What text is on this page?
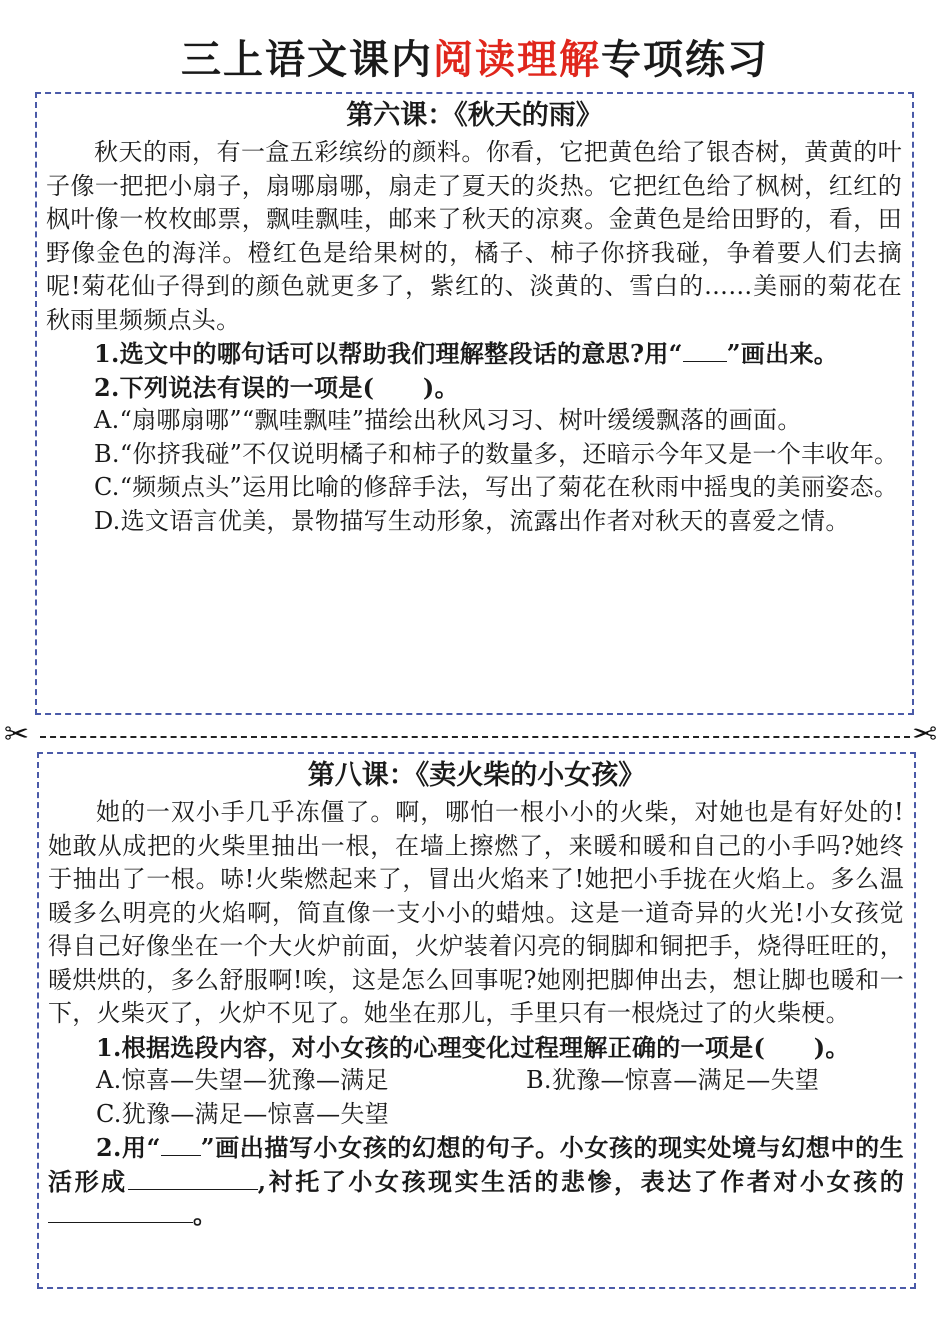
三上语文课内阅读理解专项练习
第六课：《秋天的雨》

秋天的雨，有一盒五彩缤纷的颜料。你看，它把黄色给了银杏树，黄黄的叶子像一把把小扇子，扇哪扇哪，扇走了夏天的炎热。它把红色给了枫树，红红的枫叶像一枚枚邮票，飘哇飘哇，邮来了秋天的凉爽。金黄色是给田野的，看，田野像金色的海洋。橙红色是给果树的，橘子、柿子你挤我碰，争着要人们去摘呢!菊花仙子得到的颜色就更多了，紫红的、淡黄的、雪白的……美丽的菊花在秋雨里频频点头。

1.选文中的哪句话可以帮助我们理解整段话的意思?用“ ”画出来。

2.下列说法有误的一项是(　　)。

A.“扇哪扇哪”“飘哇飘哇”描绘出秋风习习、树叶缓缓飘落的画面。

B.“你挤我碰”不仅说明橘子和柿子的数量多，还暗示今年又是一个丰收年。

C.“频频点头”运用比喻的修辞手法，写出了菊花在秋雨中摇曳的美丽姿态。

D.选文语言优美，景物描写生动形象，流露出作者对秋天的喜爱之情。

✂	✂
第八课：《卖火柴的小女孩》

她的一双小手几乎冻僵了。啊，哪怕一根小小的火柴，对她也是有好处的!她敢从成把的火柴里抽出一根，在墙上擦燃了，来暖和暖和自己的小手吗?她终于抽出了一根。哧!火柴燃起来了，冒出火焰来了!她把小手拢在火焰上。多么温暖多么明亮的火焰啊，简直像一支小小的蜡烛。这是一道奇异的火光!小女孩觉得自己好像坐在一个大火炉前面，火炉装着闪亮的铜脚和铜把手，烧得旺旺的，暖烘烘的，多么舒服啊!唉，这是怎么回事呢?她刚把脚伸出去，想让脚也暖和一下，火柴灭了，火炉不见了。她坐在那儿，手里只有一根烧过了的火柴梗。

1.根据选段内容，对小女孩的心理变化过程理解正确的一项是(　　)。

A.惊喜—失望—犹豫—满足	B.犹豫—惊喜—满足—失望
C.犹豫—满足—惊喜—失望

2.用“ ”画出描写小女孩的幻想的句子。小女孩的现实处境与幻想中的生活形成	,衬托了小女孩现实生活的悲惨，表达了作者对小女孩的。
